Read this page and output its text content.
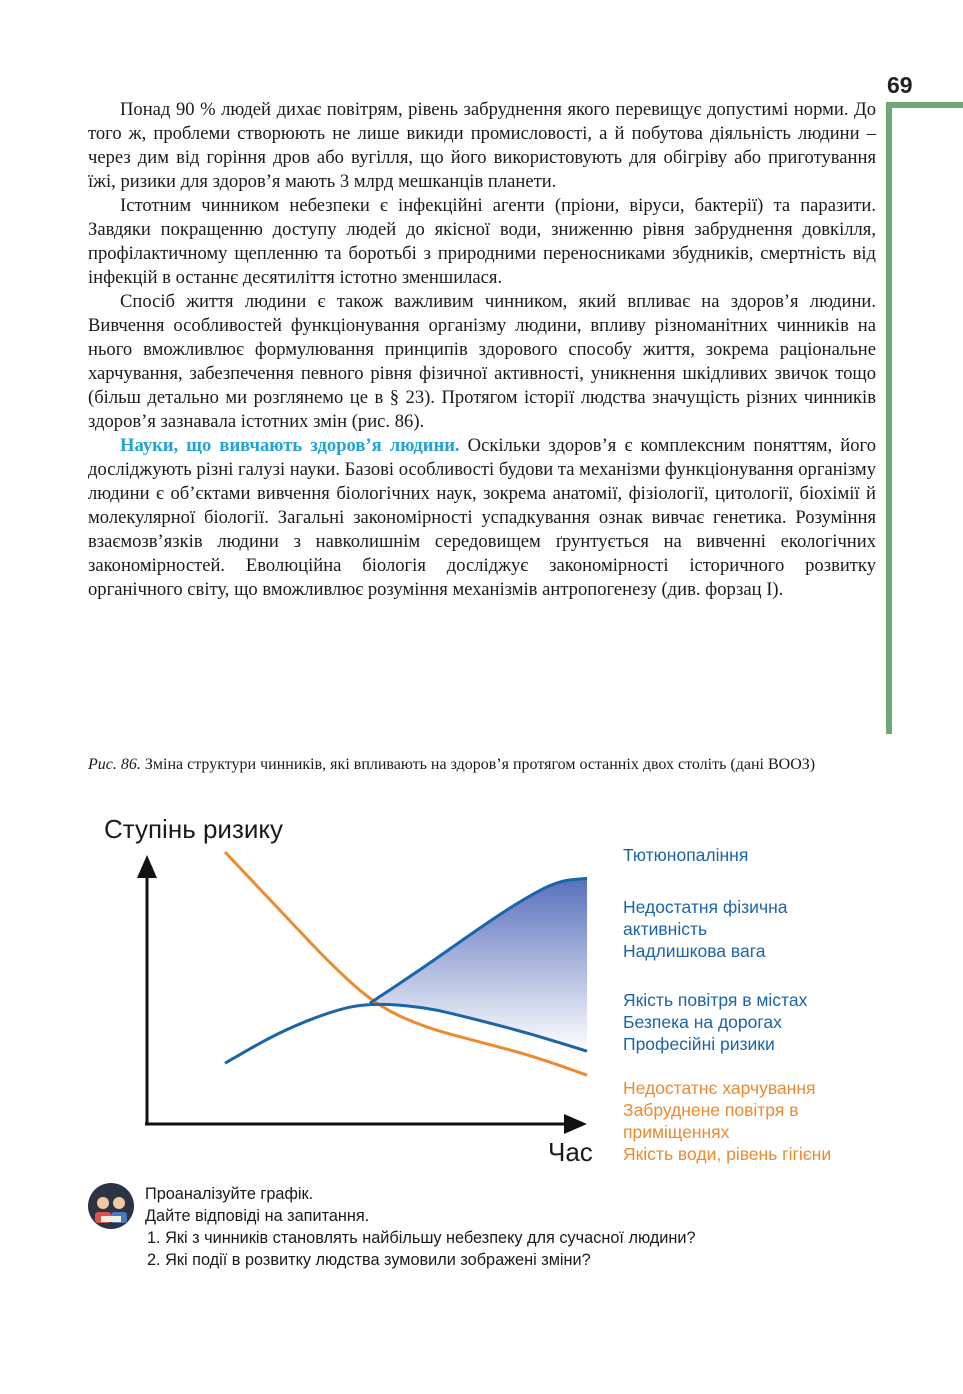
69

Понад 90 % людей дихає повітрям, рівень забруднення якого перевищує допустимі норми. До того ж, проблеми створюють не лише викиди промисловості, а й побутова діяльність людини – через дим від горіння дров або вугілля, що його використовують для обігріву або приготування їжі, ризики для здоров’я мають 3 млрд мешканців планети.

Істотним чинником небезпеки є інфекційні агенти (пріони, віруси, бактерії) та паразити. Завдяки покращенню доступу людей до якісної води, зниженню рівня забруднення довкілля, профілактичному щепленню та боротьбі з природними переносниками збудників, смертність від інфекцій в останнє десятиліття істотно зменшилася.

Спосіб життя людини є також важливим чинником, який впливає на здоров’я людини. Вивчення особливостей функціонування організму людини, впливу різноманітних чинників на нього вможливлює формулювання принципів здорового способу життя, зокрема раціональне харчування, забезпечення певного рівня фізичної активності, уникнення шкідливих звичок тощо (більш детально ми розглянемо це в § 23). Протягом історії людства значущість різних чинників здоров’я зазнавала істотних змін (рис. 86).

Науки, що вивчають здоров’я людини. Оскільки здоров’я є комплексним поняттям, його досліджують різні галузі науки. Базові особливості будови та механізми функціонування організму людини є об’єктами вивчення біологічних наук, зокрема анатомії, фізіології, цитології, біохімії й молекулярної біології. Загальні закономірності успадкування ознак вивчає генетика. Розуміння взаємозв’язків людини з навколишнім середовищем ґрунтується на вивченні екологічних закономірностей. Еволюційна біологія досліджує закономірності історичного розвитку органічного світу, що вможливлює розуміння механізмів антропогенезу (див. форзац І).

Рис. 86. Зміна структури чинників, які впливають на здоров’я протягом останніх двох століть (дані ВООЗ)
Ступінь ризику
Час
Тютюнопаління
Недостатня фізична
активність
Надлишкова вага
Якість повітря в містах
Безпека на дорогах
Професійні ризики
Недостатнє харчування
Забруднене повітря в
приміщеннях
Якість води, рівень гігієни
Проаналізуйте графік.
Дайте відповіді на запитання.
1. Які з чинників становлять найбільшу небезпеку для сучасної людини?
2. Які події в розвитку людства зумовили зображені зміни?
